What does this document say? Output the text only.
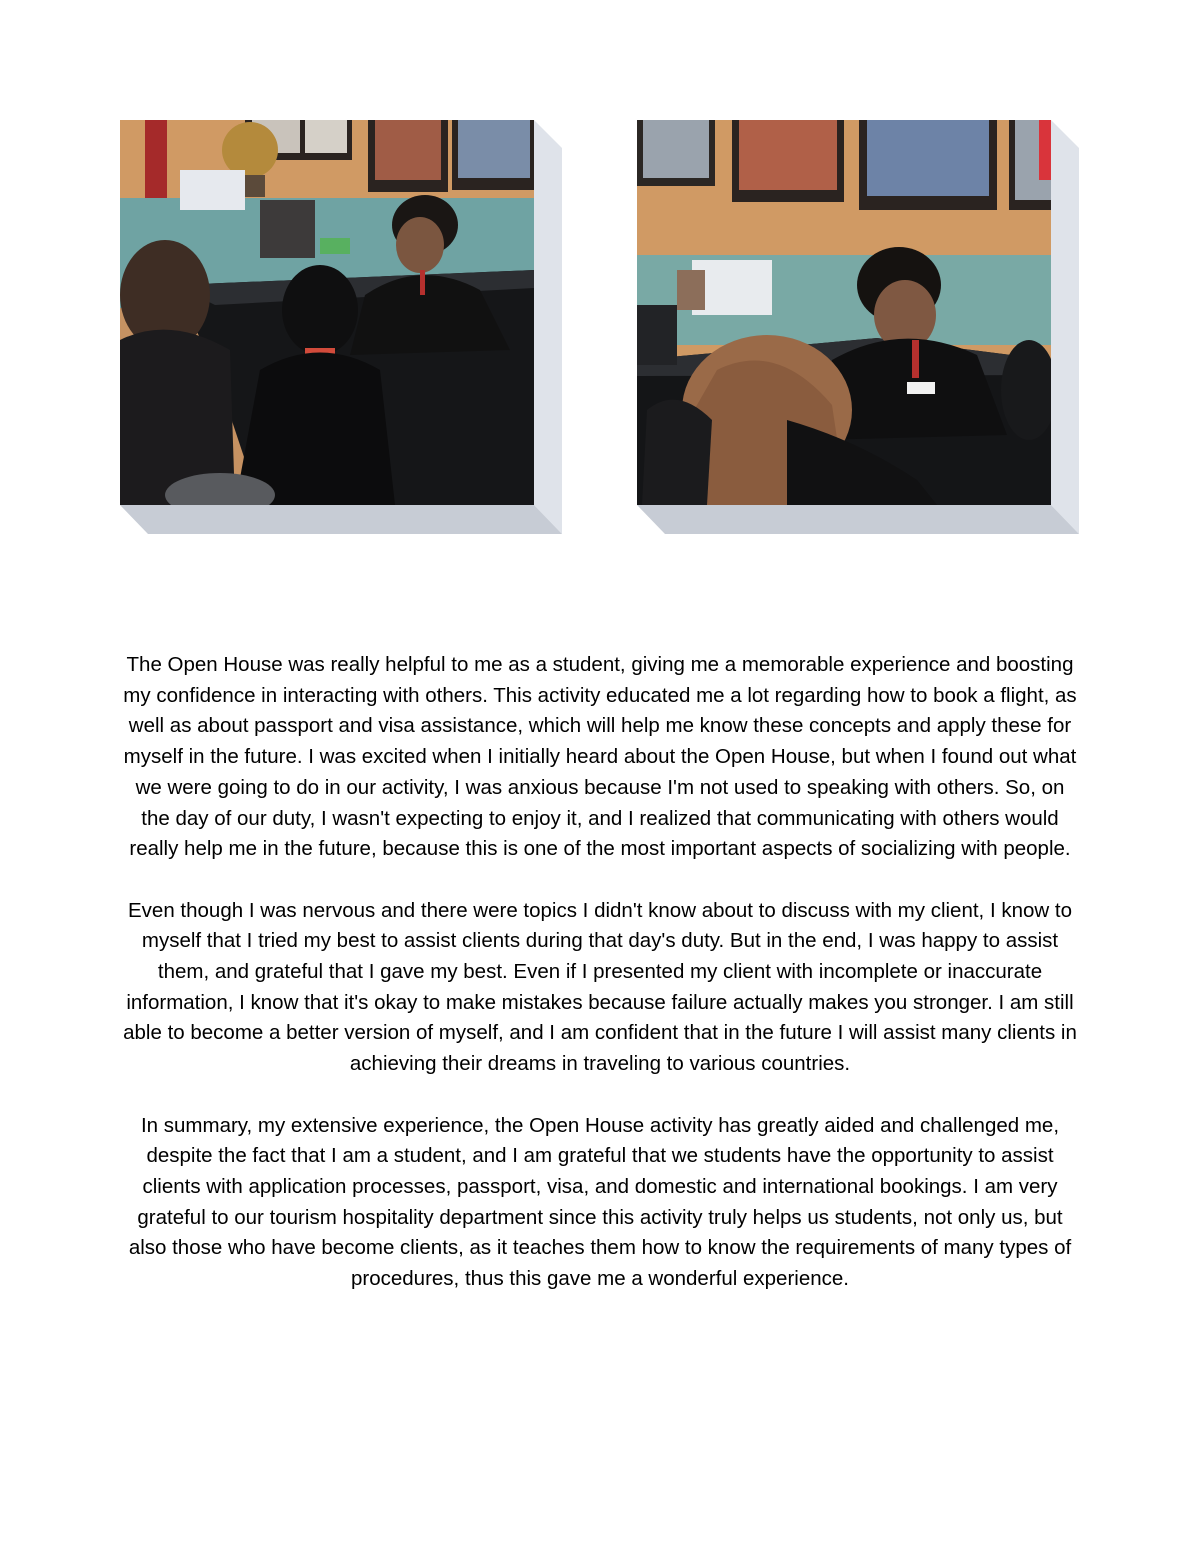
The Open House was really helpful to me as a student, giving me a memorable experience and boosting my confidence in interacting with others. This activity educated me a lot regarding how to book a flight, as well as about passport and visa assistance, which will help me know these concepts and apply these for myself in the future. I was excited when I initially heard about the Open House, but when I found out what we were going to do in our activity, I was anxious because I'm not used to speaking with others. So, on the day of our duty, I wasn't expecting to enjoy it, and I realized that communicating with others would really help me in the future, because this is one of the most important aspects of socializing with people.

Even though I was nervous and there were topics I didn't know about to discuss with my client, I know to myself that I tried my best to assist clients during that day's duty. But in the end, I was happy to assist them, and grateful that I gave my best. Even if I presented my client with incomplete or inaccurate information, I know that it's okay to make mistakes because failure actually makes you stronger. I am still able to become a better version of myself, and I am confident that in the future I will assist many clients in achieving their dreams in traveling to various countries.

In summary, my extensive experience, the Open House activity has greatly aided and challenged me, despite the fact that I am a student, and I am grateful that we students have the opportunity to assist clients with application processes, passport, visa, and domestic and international bookings. I am very grateful to our tourism hospitality department since this activity truly helps us students, not only us, but also those who have become clients, as it teaches them how to know the requirements of many types of procedures, thus this gave me a wonderful experience.
